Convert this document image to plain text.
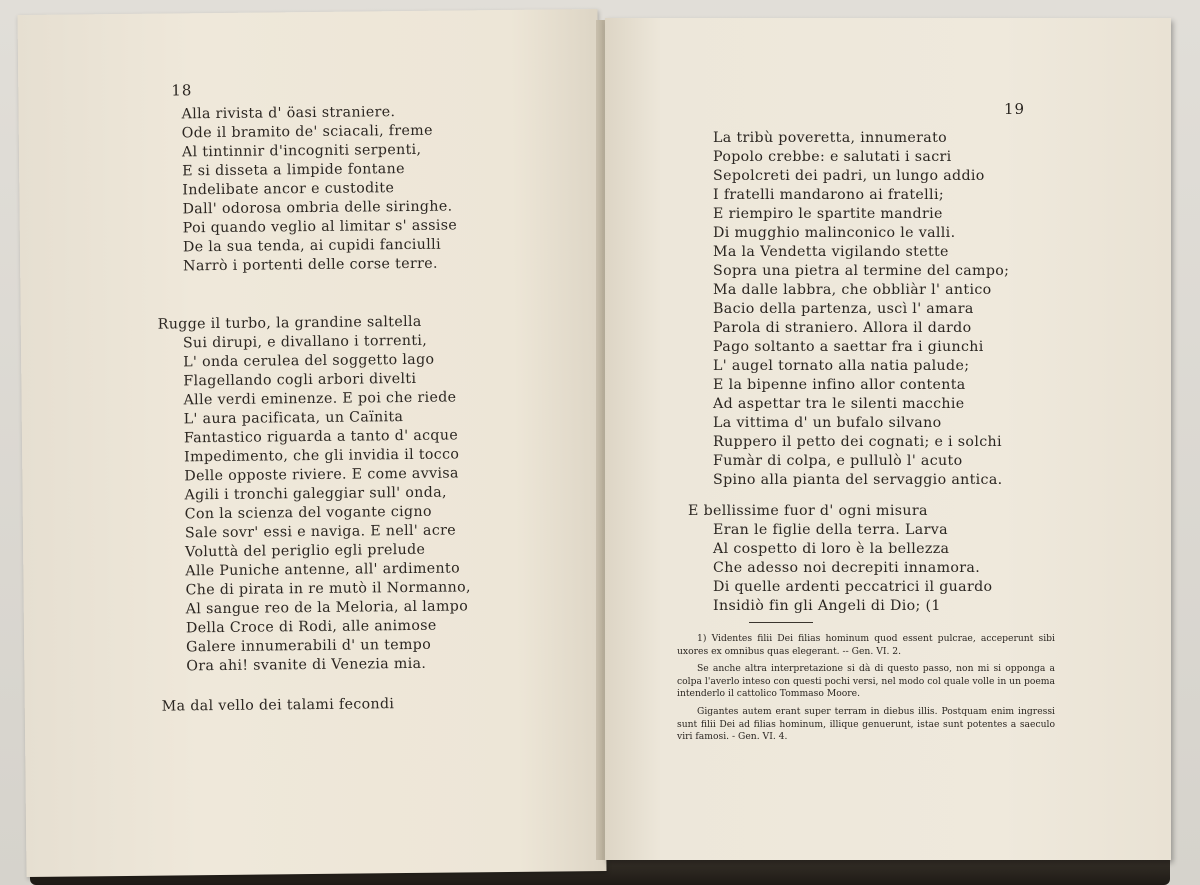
18
Alla rivista d' öasi straniere.
Ode il bramito de' sciacali, freme
Al tintinnir d'incogniti serpenti,
E si disseta a limpide fontane
Indelibate ancor e custodite
Dall' odorosa ombria delle siringhe.
Poi quando veglio al limitar s' assise
De la sua tenda, ai cupidi fanciulli
Narrò i portenti delle corse terre.
Rugge il turbo, la grandine saltella
Sui dirupi, e divallano i torrenti,
L' onda cerulea del soggetto lago
Flagellando cogli arbori divelti
Alle verdi eminenze. E poi che riede
L' aura pacificata, un Caïnita
Fantastico riguarda a tanto d' acque
Impedimento, che gli invidia il tocco
Delle opposte riviere. E come avvisa
Agili i tronchi galeggiar sull' onda,
Con la scienza del vogante cigno
Sale sovr' essi e naviga. E nell' acre
Voluttà del periglio egli prelude
Alle Puniche antenne, all' ardimento
Che di pirata in re mutò il Normanno,
Al sangue reo de la Meloria, al lampo
Della Croce di Rodi, alle animose
Galere innumerabili d' un tempo
Ora ahi! svanite di Venezia mia.
Ma dal vello dei talami fecondi
19
La tribù poveretta, innumerato
Popolo crebbe: e salutati i sacri
Sepolcreti dei padri, un lungo addio
I fratelli mandarono ai fratelli;
E riempiro le spartite mandrie
Di mugghio malinconico le valli.
Ma la Vendetta vigilando stette
Sopra una pietra al termine del campo;
Ma dalle labbra, che obbliàr l' antico
Bacio della partenza, uscì l' amara
Parola di straniero. Allora il dardo
Pago soltanto a saettar fra i giunchi
L' augel tornato alla natia palude;
E la bipenne infino allor contenta
Ad aspettar tra le silenti macchie
La vittima d' un bufalo silvano
Ruppero il petto dei cognati; e i solchi
Fumàr di colpa, e pullulò l' acuto
Spino alla pianta del servaggio antica.
E bellissime fuor d' ogni misura
Eran le figlie della terra. Larva
Al cospetto di loro è la bellezza
Che adesso noi decrepiti innamora.
Di quelle ardenti peccatrici il guardo
Insidiò fin gli Angeli di Dio; (1

1) Videntes filii Dei filias hominum quod essent pulcrae, acceperunt sibi uxores ex omnibus quas elegerant. -- Gen. VI. 2.

Se anche altra interpretazione si dà di questo passo, non mi si opponga a colpa l'averlo inteso con questi pochi versi, nel modo col quale volle in un poema intenderlo il cattolico Tommaso Moore.

Gigantes autem erant super terram in diebus illis. Postquam enim ingressi sunt filii Dei ad filias hominum, illique genuerunt, istae sunt potentes a saeculo viri famosi. - Gen. VI. 4.
